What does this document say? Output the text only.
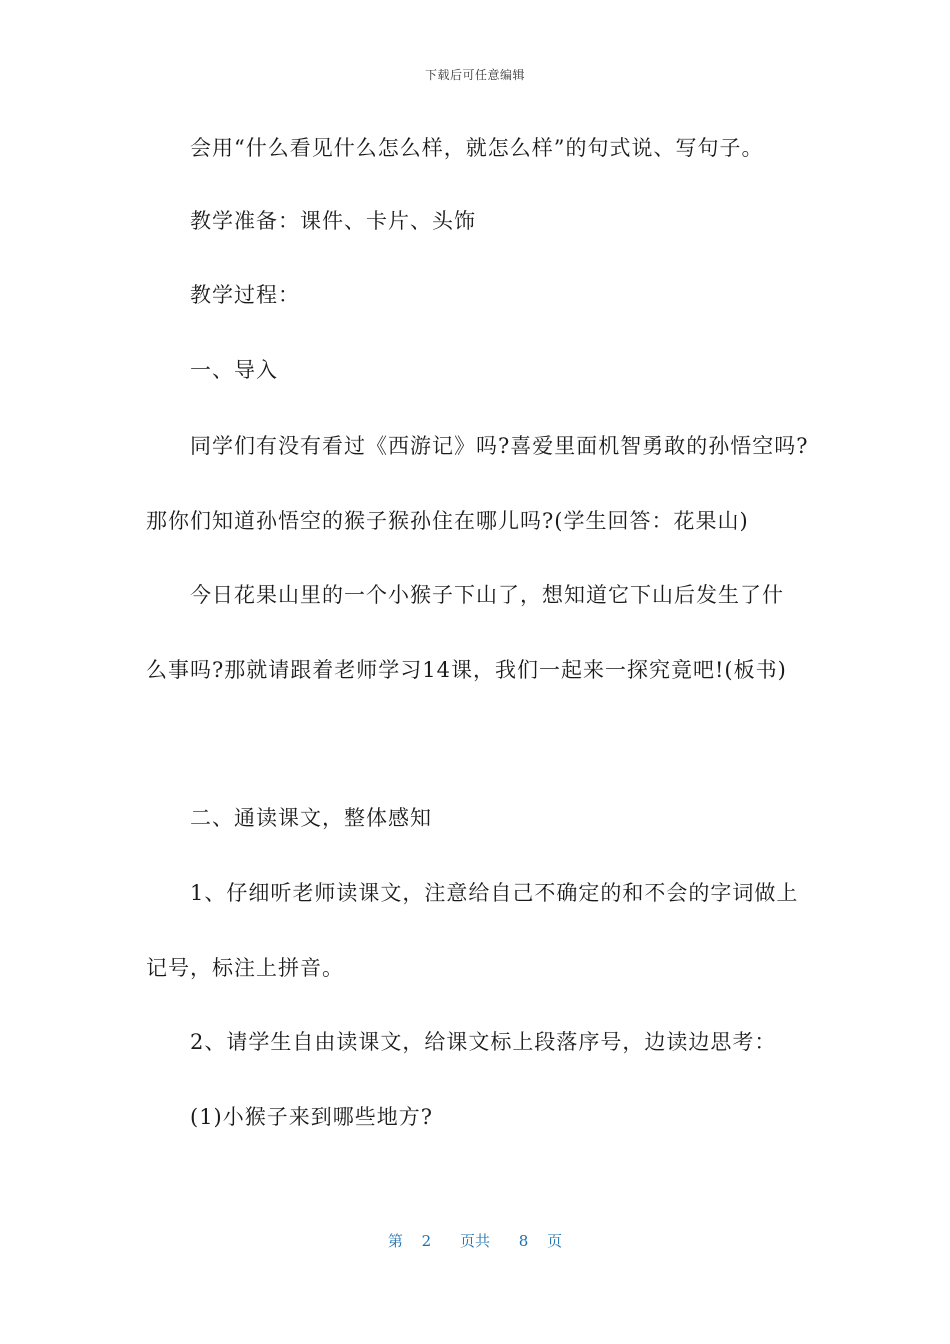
下载后可任意编辑
会用“什么看见什么怎么样，就怎么样”的句式说、写句子。
教学准备：课件、卡片、头饰
教学过程：
一、导入
同学们有没有看过《西游记》吗?喜爱里面机智勇敢的孙悟空吗?
那你们知道孙悟空的猴子猴孙住在哪儿吗?(学生回答：花果山)
今日花果山里的一个小猴子下山了，想知道它下山后发生了什
么事吗?那就请跟着老师学习14课，我们一起来一探究竟吧!(板书)
二、通读课文，整体感知
1、仔细听老师读课文，注意给自己不确定的和不会的字词做上
记号，标注上拼音。
2、请学生自由读课文，给课文标上段落序号，边读边思考：
(1)小猴子来到哪些地方?
第 2 页共 8 页
